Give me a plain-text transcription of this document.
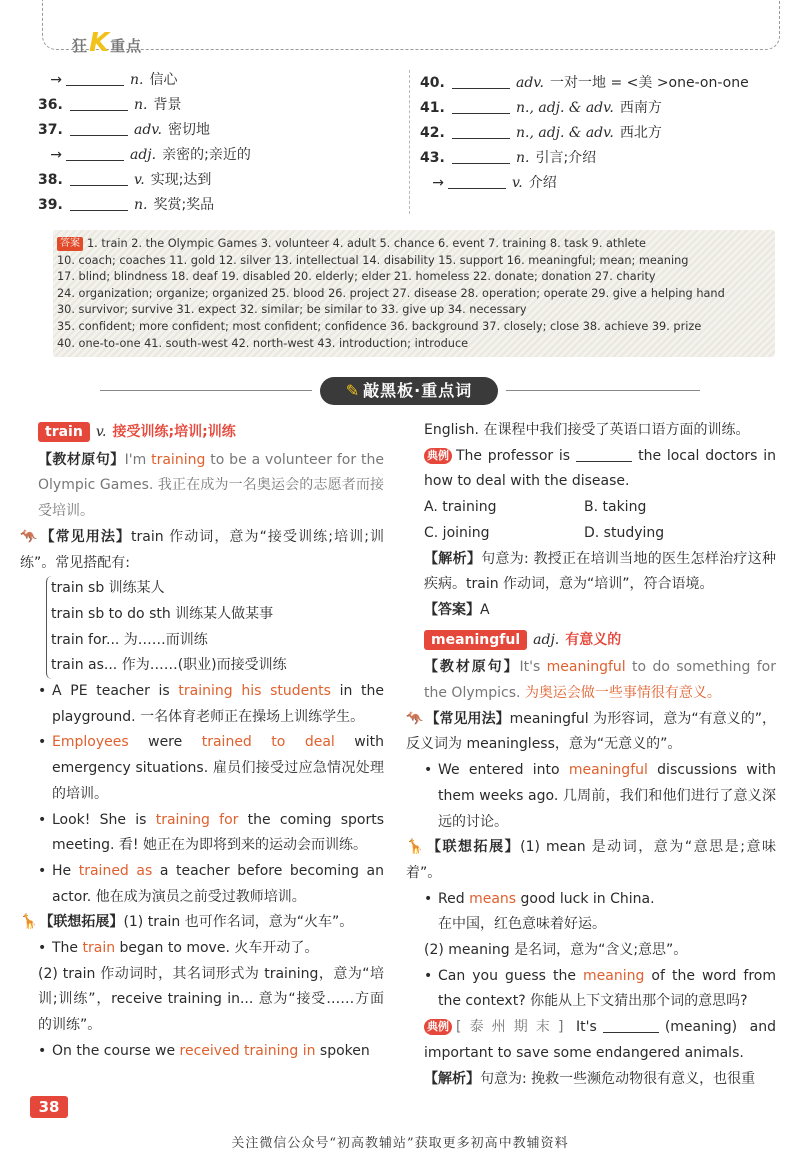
狂 K 重点
→	n. 信心
36.	n. 背景
37.	adv. 密切地
→	adj. 亲密的;亲近的
38.	v. 实现;达到
39.	n. 奖赏;奖品
40.	adv. 一对一地 = <美 >one-on-one
41.	n., adj. & adv. 西南方
42.	n., adj. & adv. 西北方
43.	n. 引言;介绍
→	v. 介绍
答案 1. train 2. the Olympic Games 3. volunteer 4. adult 5. chance 6. event 7. training 8. task 9. athlete
10. coach; coaches 11. gold 12. silver 13. intellectual 14. disability 15. support 16. meaningful; mean; meaning
17. blind; blindness 18. deaf 19. disabled 20. elderly; elder 21. homeless 22. donate; donation 27. charity
24. organization; organize; organized 25. blood 26. project 27. disease 28. operation; operate 29. give a helping hand
30. survivor; survive 31. expect 32. similar; be similar to 33. give up 34. necessary
35. confident; more confident; most confident; confidence 36. background 37. closely; close 38. achieve 39. prize
40. one-to-one 41. south-west 42. north-west 43. introduction; introduce
✎ 敲黑板·重点词
train v. 接受训练;培训;训练
【教材原句】I'm training to be a volunteer for the Olympic Games. 我正在成为一名奥运会的志愿者而接受培训。
🦘 【常见用法】train 作动词，意为“接受训练;培训;训练”。常见搭配有:
train sb 训练某人
train sb to do sth 训练某人做某事
train for... 为……而训练
train as... 作为……(职业)而接受训练
• A PE teacher is training his students in the playground. 一名体育老师正在操场上训练学生。
• Employees were trained to deal with emergency situations. 雇员们接受过应急情况处理的培训。
• Look! She is training for the coming sports meeting. 看! 她正在为即将到来的运动会而训练。
• He trained as a teacher before becoming an actor. 他在成为演员之前受过教师培训。
🦒 【联想拓展】(1) train 也可作名词，意为“火车”。
• The train began to move. 火车开动了。
(2) train 作动词时，其名词形式为 training，意为“培训;训练”，receive training in... 意为“接受……方面的训练”。
• On the course we received training in spoken
English. 在课程中我们接受了英语口语方面的训练。
典例 The professor is	the local doctors in how to deal with the disease.
A. training	B. taking
C. joining	D. studying
【解析】句意为: 教授正在培训当地的医生怎样治疗这种疾病。train 作动词，意为“培训”，符合语境。
【答案】A
meaningful adj. 有意义的
【教材原句】It's meaningful to do something for the Olympics. 为奥运会做一些事情很有意义。
🦘 【常见用法】meaningful 为形容词，意为“有意义的”，反义词为 meaningless，意为“无意义的”。
• We entered into meaningful discussions with them weeks ago. 几周前，我们和他们进行了意义深远的讨论。
🦒 【联想拓展】(1) mean 是动词，意为“意思是;意味着”。
• Red means good luck in China.
在中国，红色意味着好运。
(2) meaning 是名词，意为“含义;意思”。
• Can you guess the meaning of the word from the context? 你能从上下文猜出那个词的意思吗?
典例 [泰州期末] It's	(meaning) and important to save some endangered animals.
【解析】句意为: 挽救一些濒危动物很有意义，也很重
38
关注微信公众号“初高教辅站”获取更多初高中教辅资料
